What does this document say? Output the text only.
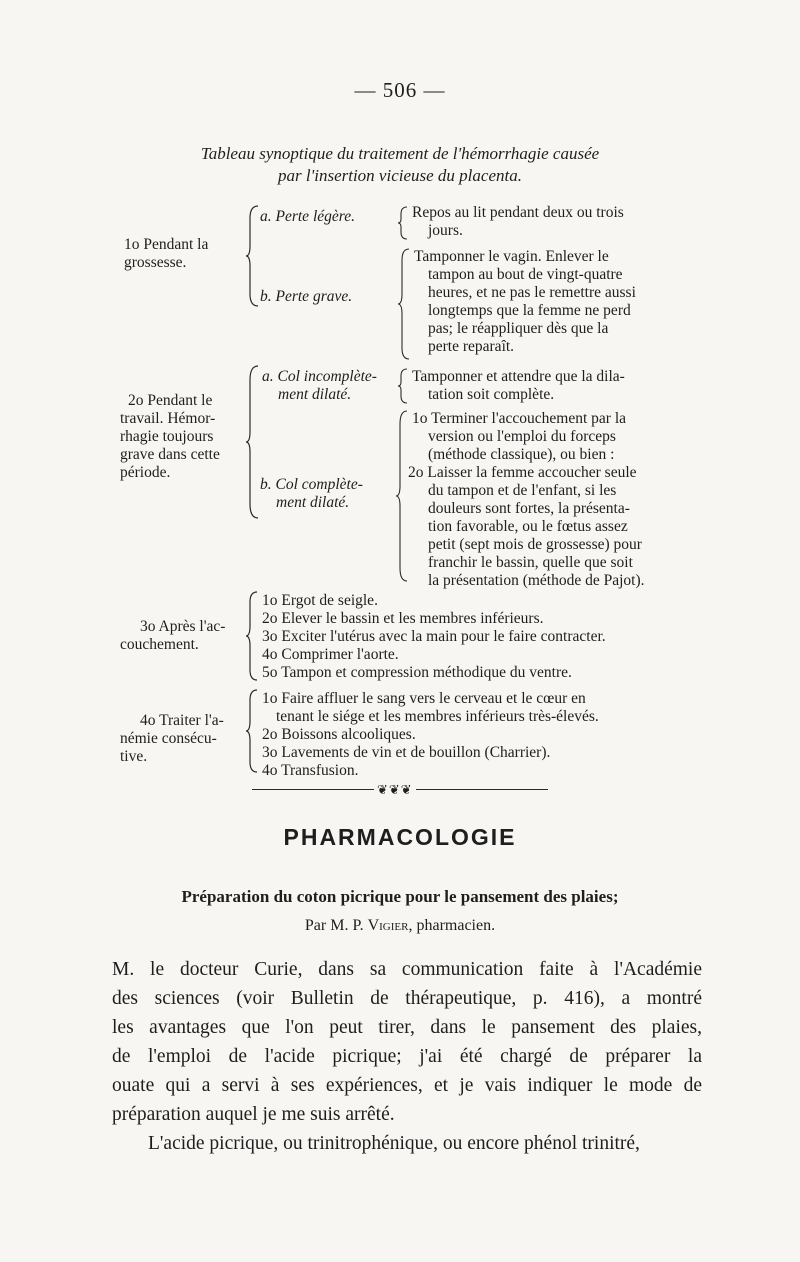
— 506 —
Tableau synoptique du traitement de l'hémorrhagie causée
par l'insertion vicieuse du placenta.
1o Pendant la
grossesse.
a. Perte légère.	Repos au lit pendant deux ou trois
jours.
b. Perte grave.
Tamponner le vagin. Enlever le
tampon au bout de vingt-quatre
heures, et ne pas le remettre aussi
longtemps que la femme ne perd
pas; le réappliquer dès que la
perte reparaît.
2o Pendant le
travail. Hémor-
rhagie toujours
grave dans cette
période.
a. Col incomplète-
ment dilaté.
Tamponner et attendre que la dila-
tation soit complète.
b. Col complète-
ment dilaté.
1o Terminer l'accouchement par la
version ou l'emploi du forceps
(méthode classique), ou bien :
2o Laisser la femme accoucher seule
du tampon et de l'enfant, si les
douleurs sont fortes, la présenta-
tion favorable, ou le fœtus assez
petit (sept mois de grossesse) pour
franchir le bassin, quelle que soit
la présentation (méthode de Pajot).
3o Après l'ac-
couchement.
1o Ergot de seigle.
2o Elever le bassin et les membres inférieurs.
3o Exciter l'utérus avec la main pour le faire contracter.
4o Comprimer l'aorte.
5o Tampon et compression méthodique du ventre.
4o Traiter l'a-
némie consécu-
tive.
1o Faire affluer le sang vers le cerveau et le cœur en
tenant le siége et les membres inférieurs très-élevés.
2o Boissons alcooliques.
3o Lavements de vin et de bouillon (Charrier).
4o Transfusion.
❦❦❦
PHARMACOLOGIE
Préparation du coton picrique pour le pansement des plaies;
Par M. P. Vigier, pharmacien.
M. le docteur Curie, dans sa communication faite à l'Académie
des sciences (voir Bulletin de thérapeutique, p. 416), a montré
les avantages que l'on peut tirer, dans le pansement des plaies,
de l'emploi de l'acide picrique; j'ai été chargé de préparer la
ouate qui a servi à ses expériences, et je vais indiquer le mode de
préparation auquel je me suis arrêté.
L'acide picrique, ou trinitrophénique, ou encore phénol trinitré,
